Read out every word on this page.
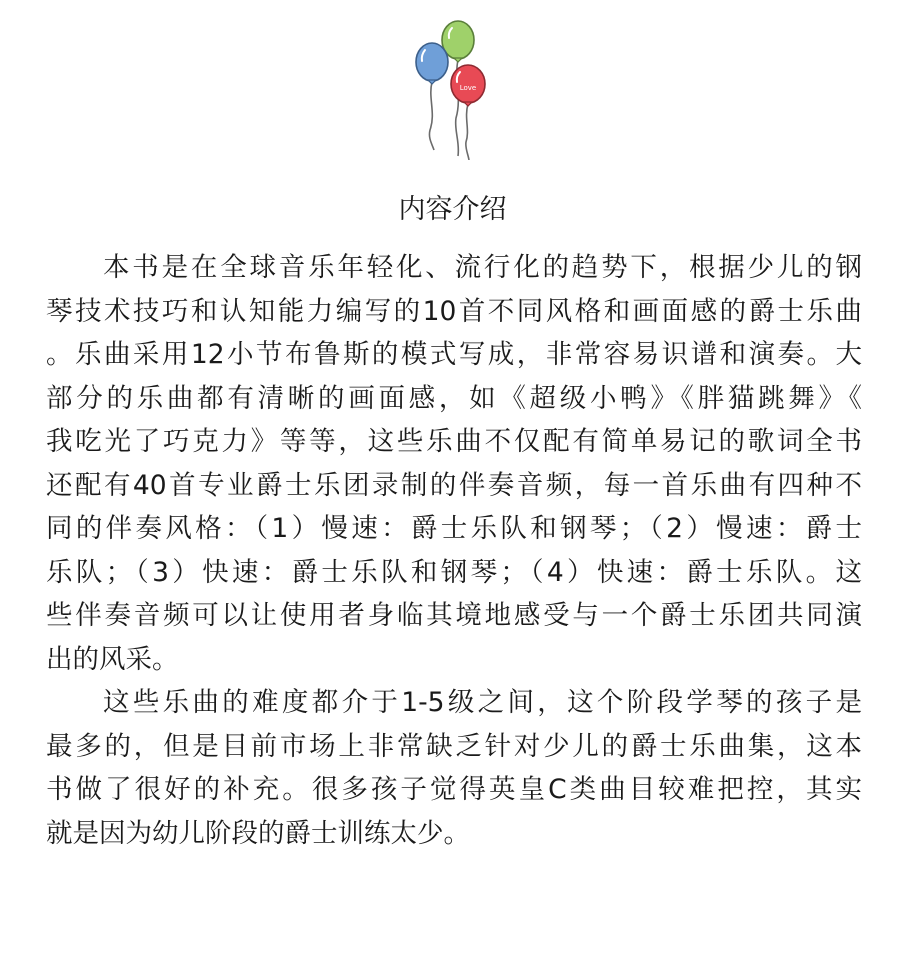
Love
内容介绍
本书是在全球音乐年轻化、流行化的趋势下，根据少儿的钢
琴技术技巧和认知能力编写的10首不同风格和画面感的爵士乐曲
。乐曲采用12小节布鲁斯的模式写成，非常容易识谱和演奏。大
部分的乐曲都有清晰的画面感，如《超级小鸭》《胖猫跳舞》《
我吃光了巧克力》等等，这些乐曲不仅配有简单易记的歌词全书
还配有40首专业爵士乐团录制的伴奏音频，每一首乐曲有四种不
同的伴奏风格：（1）慢速：爵士乐队和钢琴；（2）慢速：爵士
乐队；（3）快速：爵士乐队和钢琴；（4）快速：爵士乐队。这
些伴奏音频可以让使用者身临其境地感受与一个爵士乐团共同演
出的风采。
这些乐曲的难度都介于1-5级之间，这个阶段学琴的孩子是
最多的，但是目前市场上非常缺乏针对少儿的爵士乐曲集，这本
书做了很好的补充。很多孩子觉得英皇C类曲目较难把控，其实
就是因为幼儿阶段的爵士训练太少。
